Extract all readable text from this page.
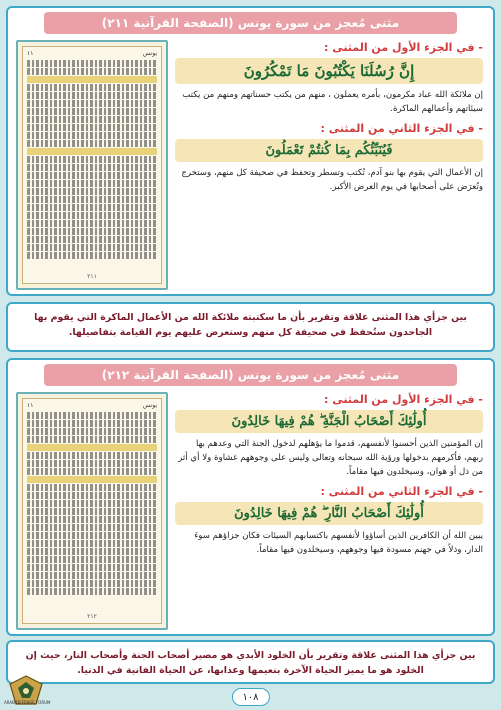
مثنى مُعجز من سورة يونس (الصفحة القرآنية ٢١١)
يونس
١١
٢١١
- في الجزء الأول من المثنى :
إِنَّ رُسُلَنَا يَكْتُبُونَ مَا تَمْكُرُونَ
إن ملائكة الله عباد مكرمون، بأمره يعملون ، منهم من يكتب حسناتهم ومنهم من يكتب سيئاتهم وأعمالهم الماكرة.
- في الجزء الثاني من المثنى :
فَيُنَبِّئُكُم بِمَا كُنتُمْ تَعْمَلُونَ
إن الأعمال التي يقوم بها بنو آدم، تُكتب وتسطر وتحفظ في صحيفة كل منهم، وستخرج وتُعرَض على أصحابها في يوم العرض الأكبر.
بين جزأي هذا المثنى علاقة وتقرير بأن ما سكتبته ملائكة الله من الأعمال الماكرة التي يقوم بها الجاحدون ستُحفظ في صحيفة كل منهم وستعرض عليهم يوم القيامة بتفاصيلها.
مثنى مُعجز من سورة يونس (الصفحة القرآنية ٢١٢)
يونس
١١
٢١٢
- في الجزء الأول من المثنى :
أُولَٰئِكَ أَصْحَابُ الْجَنَّةِ ۖ هُمْ فِيهَا خَالِدُونَ
إن المؤمنين الذين أحسنوا لأنفسهم، قدموا ما يؤهلهم لدخول الجنة التي وعدهم بها ربهم، فأكرمهم بدخولها ورؤية الله سبحانه وتعالى وليس على وجوههم غشاوة ولا أي أثر من ذل أو هوان، وسيخلدون فيها مقاماً.
- في الجزء الثاني من المثنى :
أُولَٰئِكَ أَصْحَابُ النَّارِ ۖ هُمْ فِيهَا خَالِدُونَ
يبين الله أن الكافرين الذين أساؤوا لأنفسهم باكتسابهم السيئات فكان جزاؤهم سوءَ الدار، وذلاً في جهنم مسودة فيها وجوههم، وسيخلدون فيها مقاماً.
بين جزأي هذا المثنى علاقة وتقرير بأن الخلود الأبدي هو مصير أصحاب الجنة وأصحاب النار، حيث إن الخلود هو ما يميز الحياة الآخرة بنعيمها وعذابها، عن الحياة الفانية في الدنيا.
١٠٨
ARAB DEFENSE FORUM
